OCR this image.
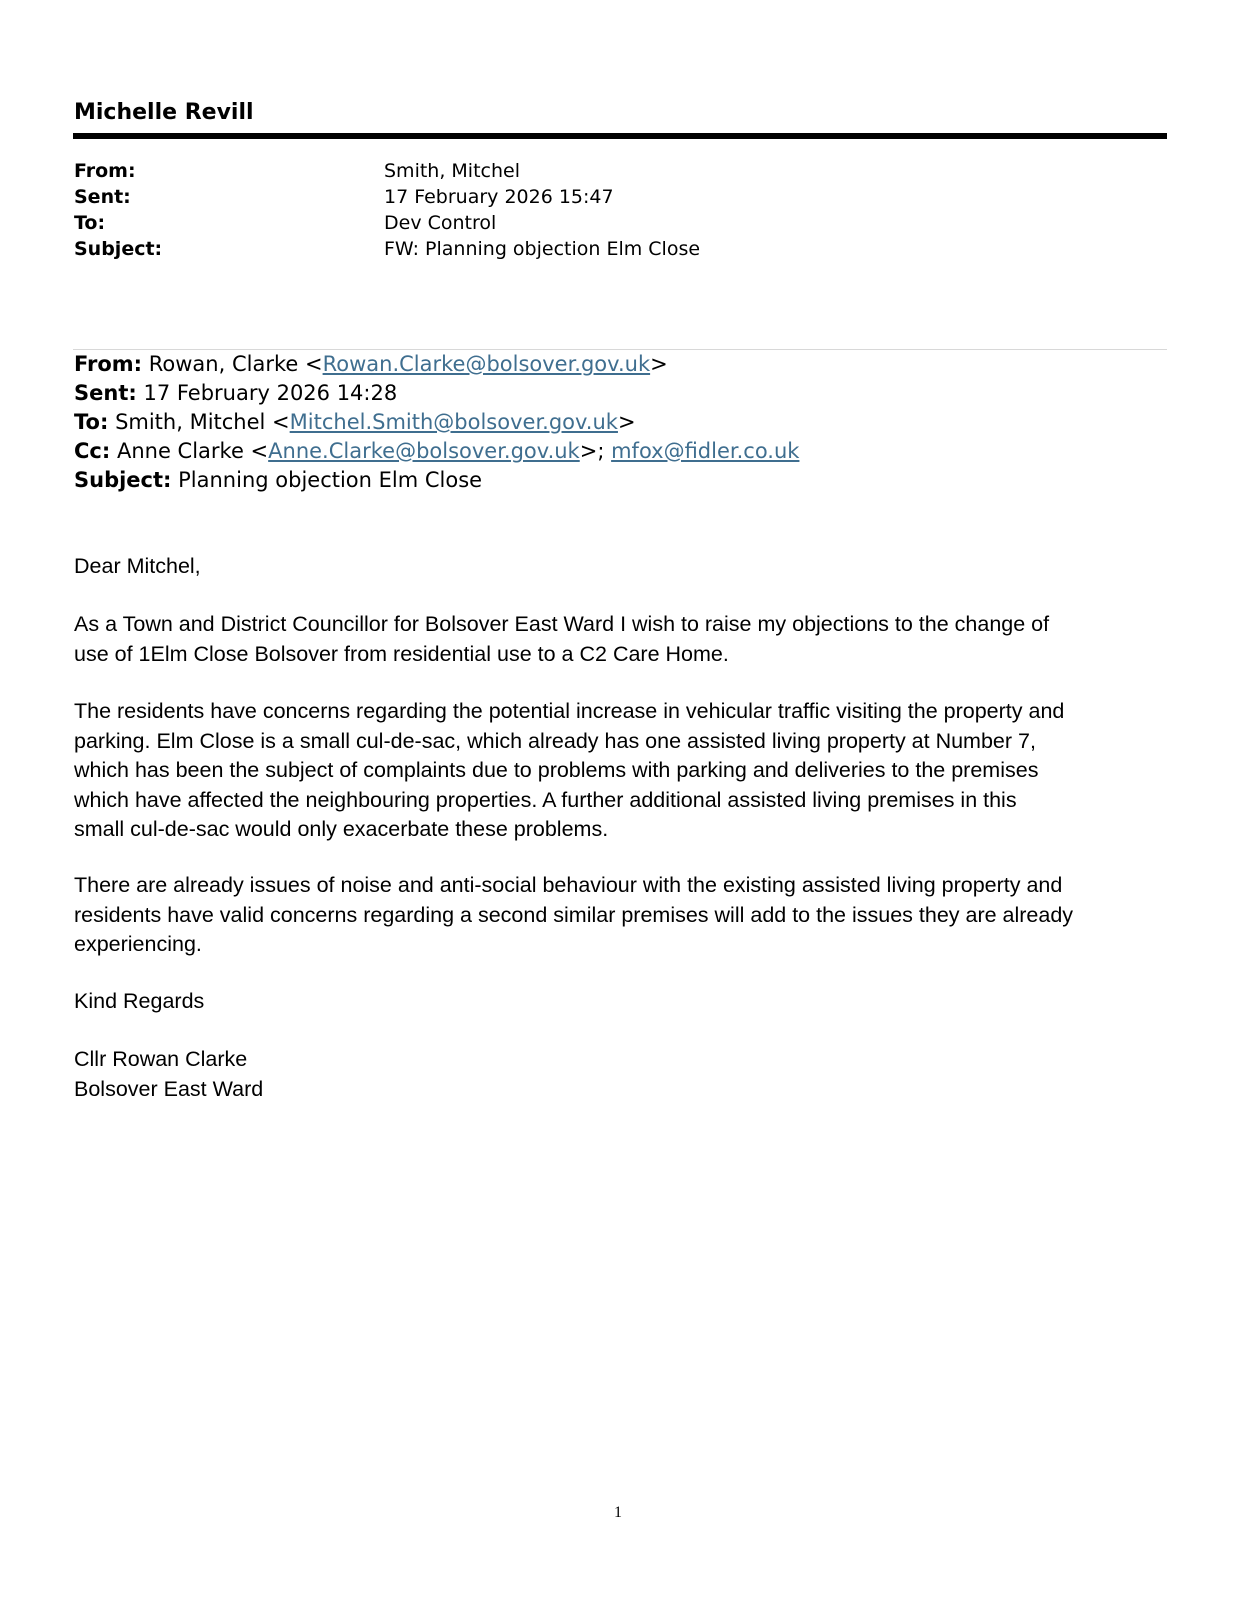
Michelle Revill
From:	Smith, Mitchel
Sent:	17 February 2026 15:47
To:	Dev Control
Subject:	FW: Planning objection Elm Close
From: Rowan, Clarke <Rowan.Clarke@bolsover.gov.uk>
Sent: 17 February 2026 14:28
To: Smith, Mitchel <Mitchel.Smith@bolsover.gov.uk>
Cc: Anne Clarke <Anne.Clarke@bolsover.gov.uk>; mfox@fidler.co.uk
Subject: Planning objection Elm Close

Dear Mitchel,

As a Town and District Councillor for Bolsover East Ward I wish to raise my objections to the change of

use of 1Elm Close Bolsover from residential use to a C2 Care Home.

The residents have concerns regarding the potential increase in vehicular traffic visiting the property and

parking. Elm Close is a small cul-de-sac, which already has one assisted living property at Number 7,

which has been the subject of complaints due to problems with parking and deliveries to the premises

which have affected the neighbouring properties. A further additional assisted living premises in this

small cul-de-sac would only exacerbate these problems.

There are already issues of noise and anti-social behaviour with the existing assisted living property and

residents have valid concerns regarding a second similar premises will add to the issues they are already

experiencing.

Kind Regards

Cllr Rowan Clarke

Bolsover East Ward

1
